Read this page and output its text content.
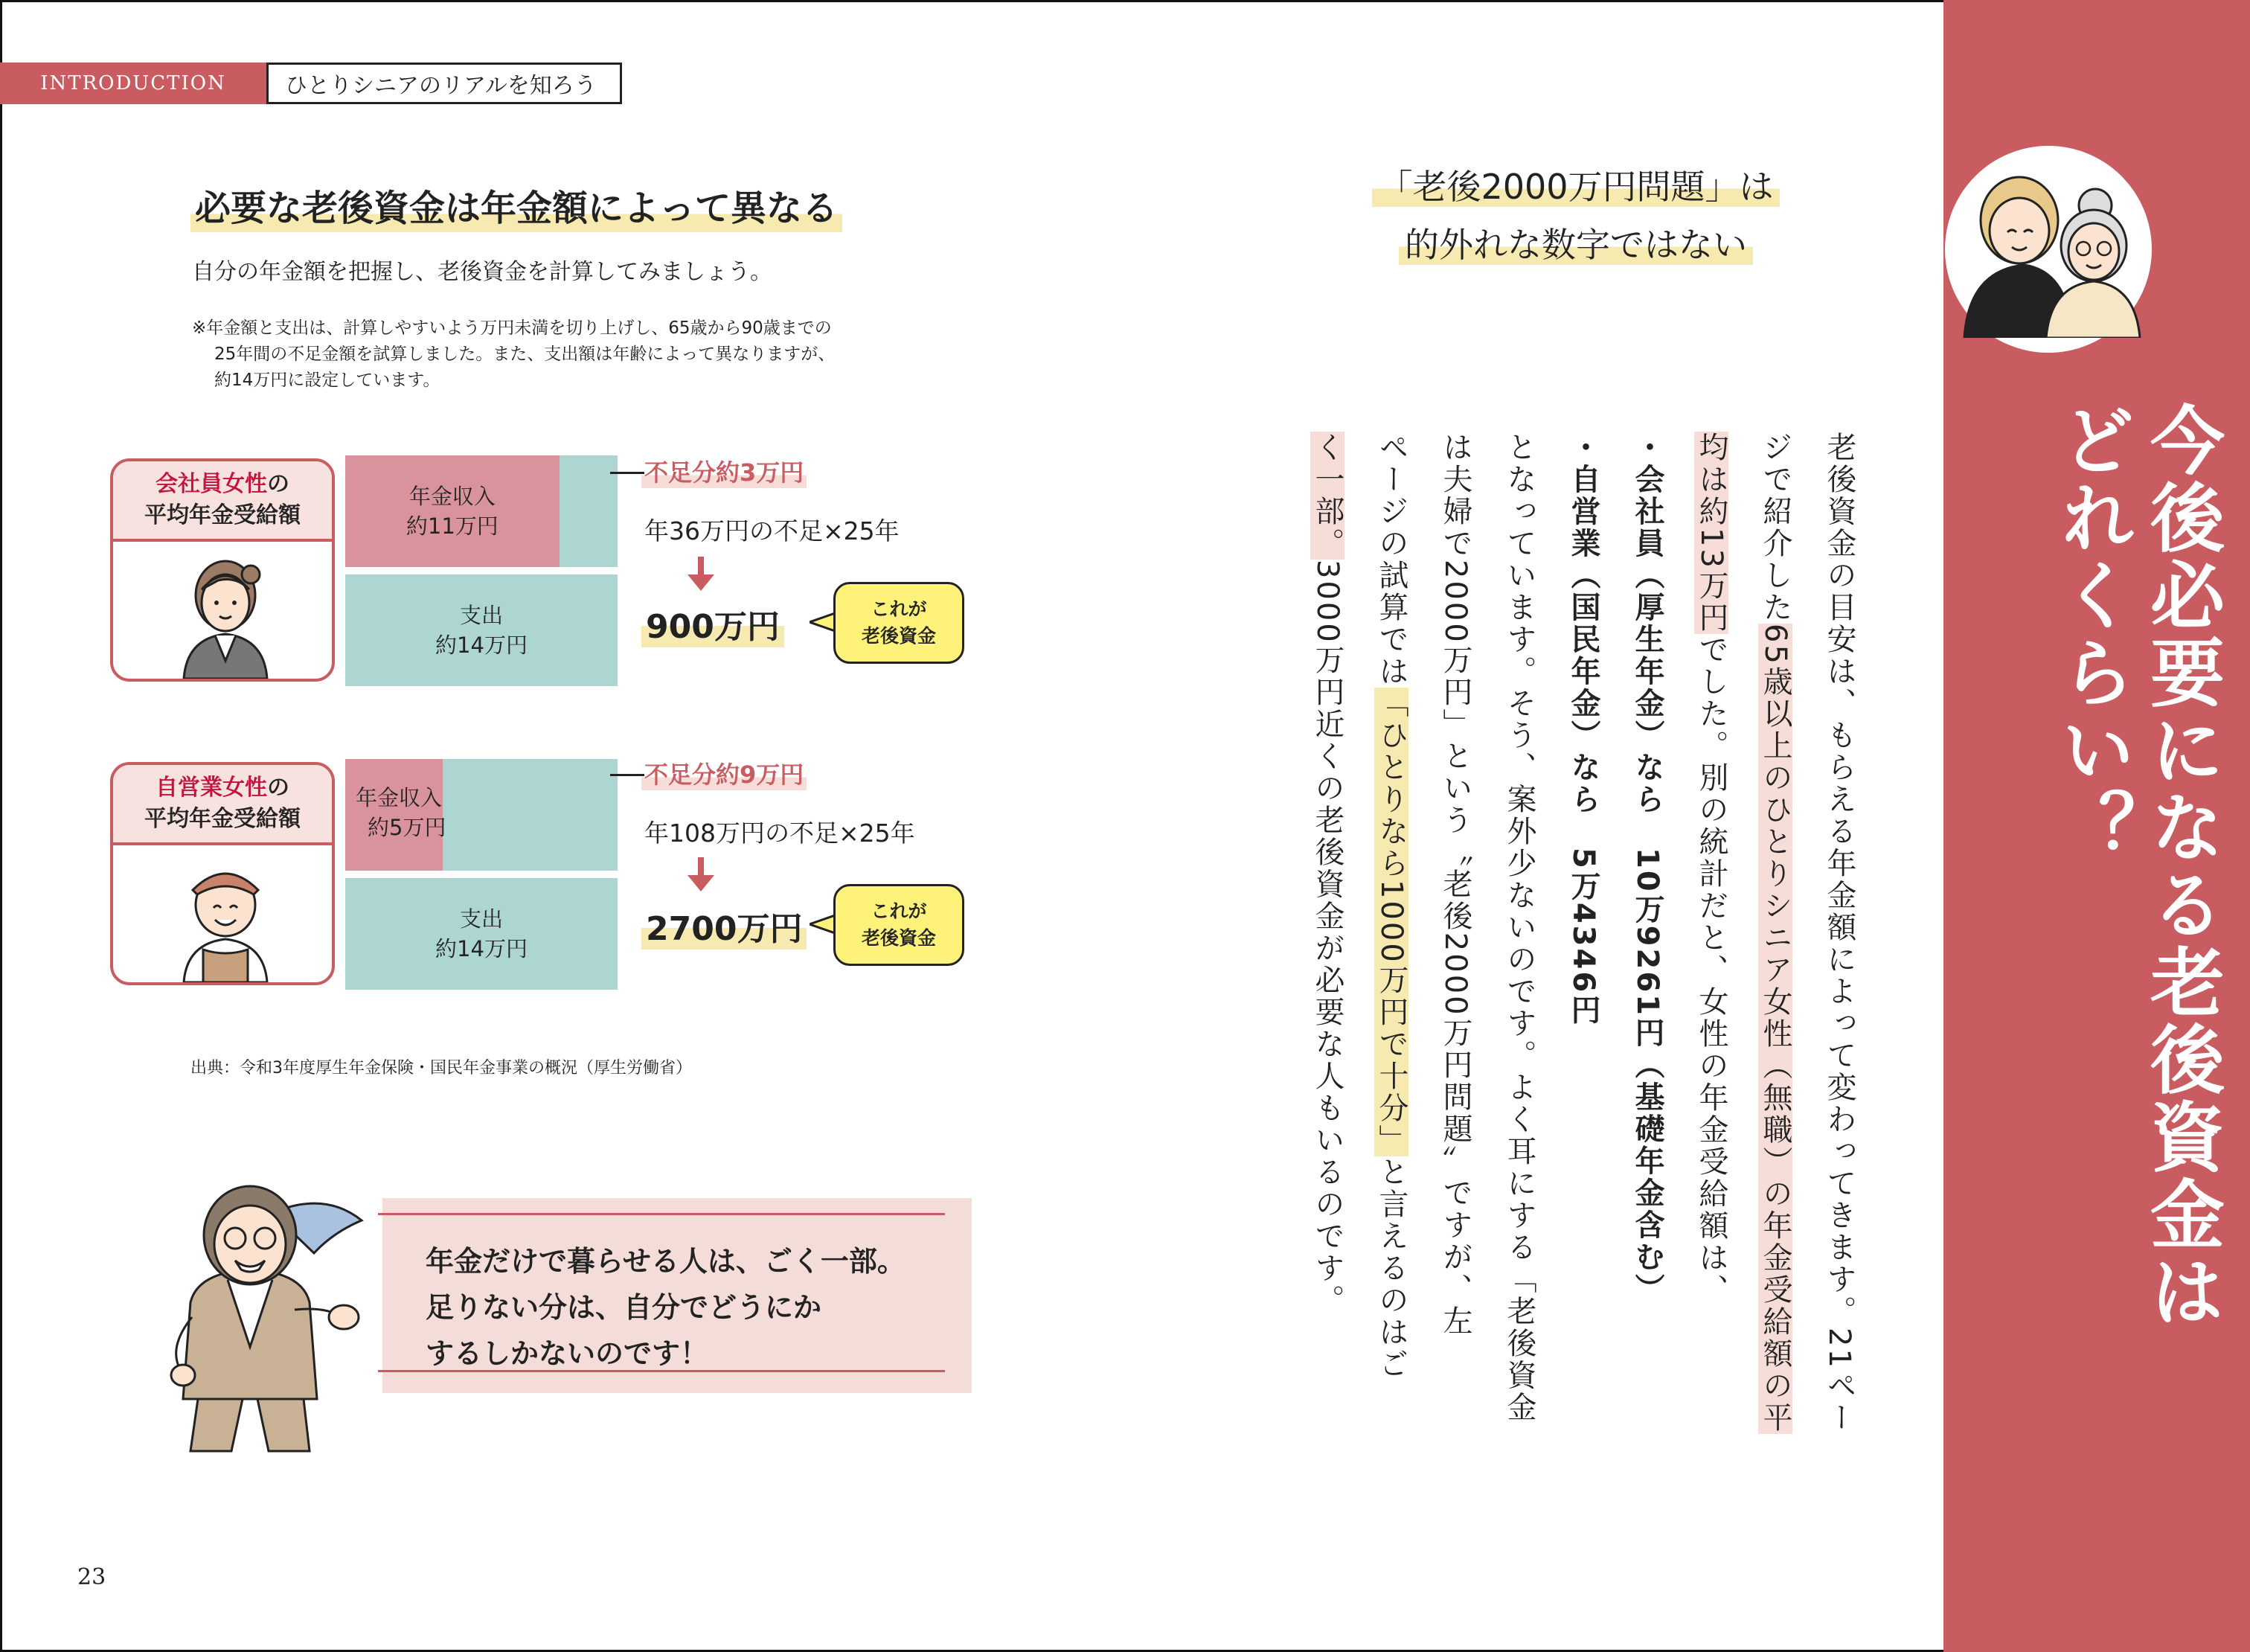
INTRODUCTION	ひとりシニアのリアルを知ろう
必要な老後資金は年金額によって異なる
自分の年金額を把握し、老後資金を計算してみましょう。
※年金額と支出は、計算しやすいよう万円未満を切り上げし、65歳から90歳までの
25年間の不足金額を試算しました。また、支出額は年齢によって異なりますが、
約14万円に設定しています。
会社員女性の
平均年金受給額
年金収入
約11万円
支出
約14万円
不足分約3万円
年36万円の不足×25年
900万円	これが
老後資金
自営業女性の
平均年金受給額
年金収入
約5万円
支出
約14万円
不足分約9万円
年108万円の不足×25年
2700万円	これが
老後資金
出典：令和3年度厚生年金保険・国民年金事業の概況（厚生労働省）
年金だけで暮らせる人は、ごく一部。
足りない分は、自分でどうにか
するしかないのです！
23
「老後2000万円問題」は
的外れな数字ではない
老後資金の目安は、もらえる年金額によって変わってきます。21ペー
ジで紹介した65歳以上のひとりシニア女性（無職）の年金受給額の平
均は約13万円でした。別の統計だと、女性の年金受給額は、
・会社員（厚生年金）なら　10万9261円（基礎年金含む）
・自営業（国民年金）なら　5万4346円
となっています。そう、案外少ないのです。よく耳にする「老後資金
は夫婦で2000万円」という〝老後2000万円問題〟ですが、左
ページの試算では「ひとりなら1000万円で十分」と言えるのはご
く一部。3000万円近くの老後資金が必要な人もいるのです。	今後必要になる老後資金は
どれくらい？
